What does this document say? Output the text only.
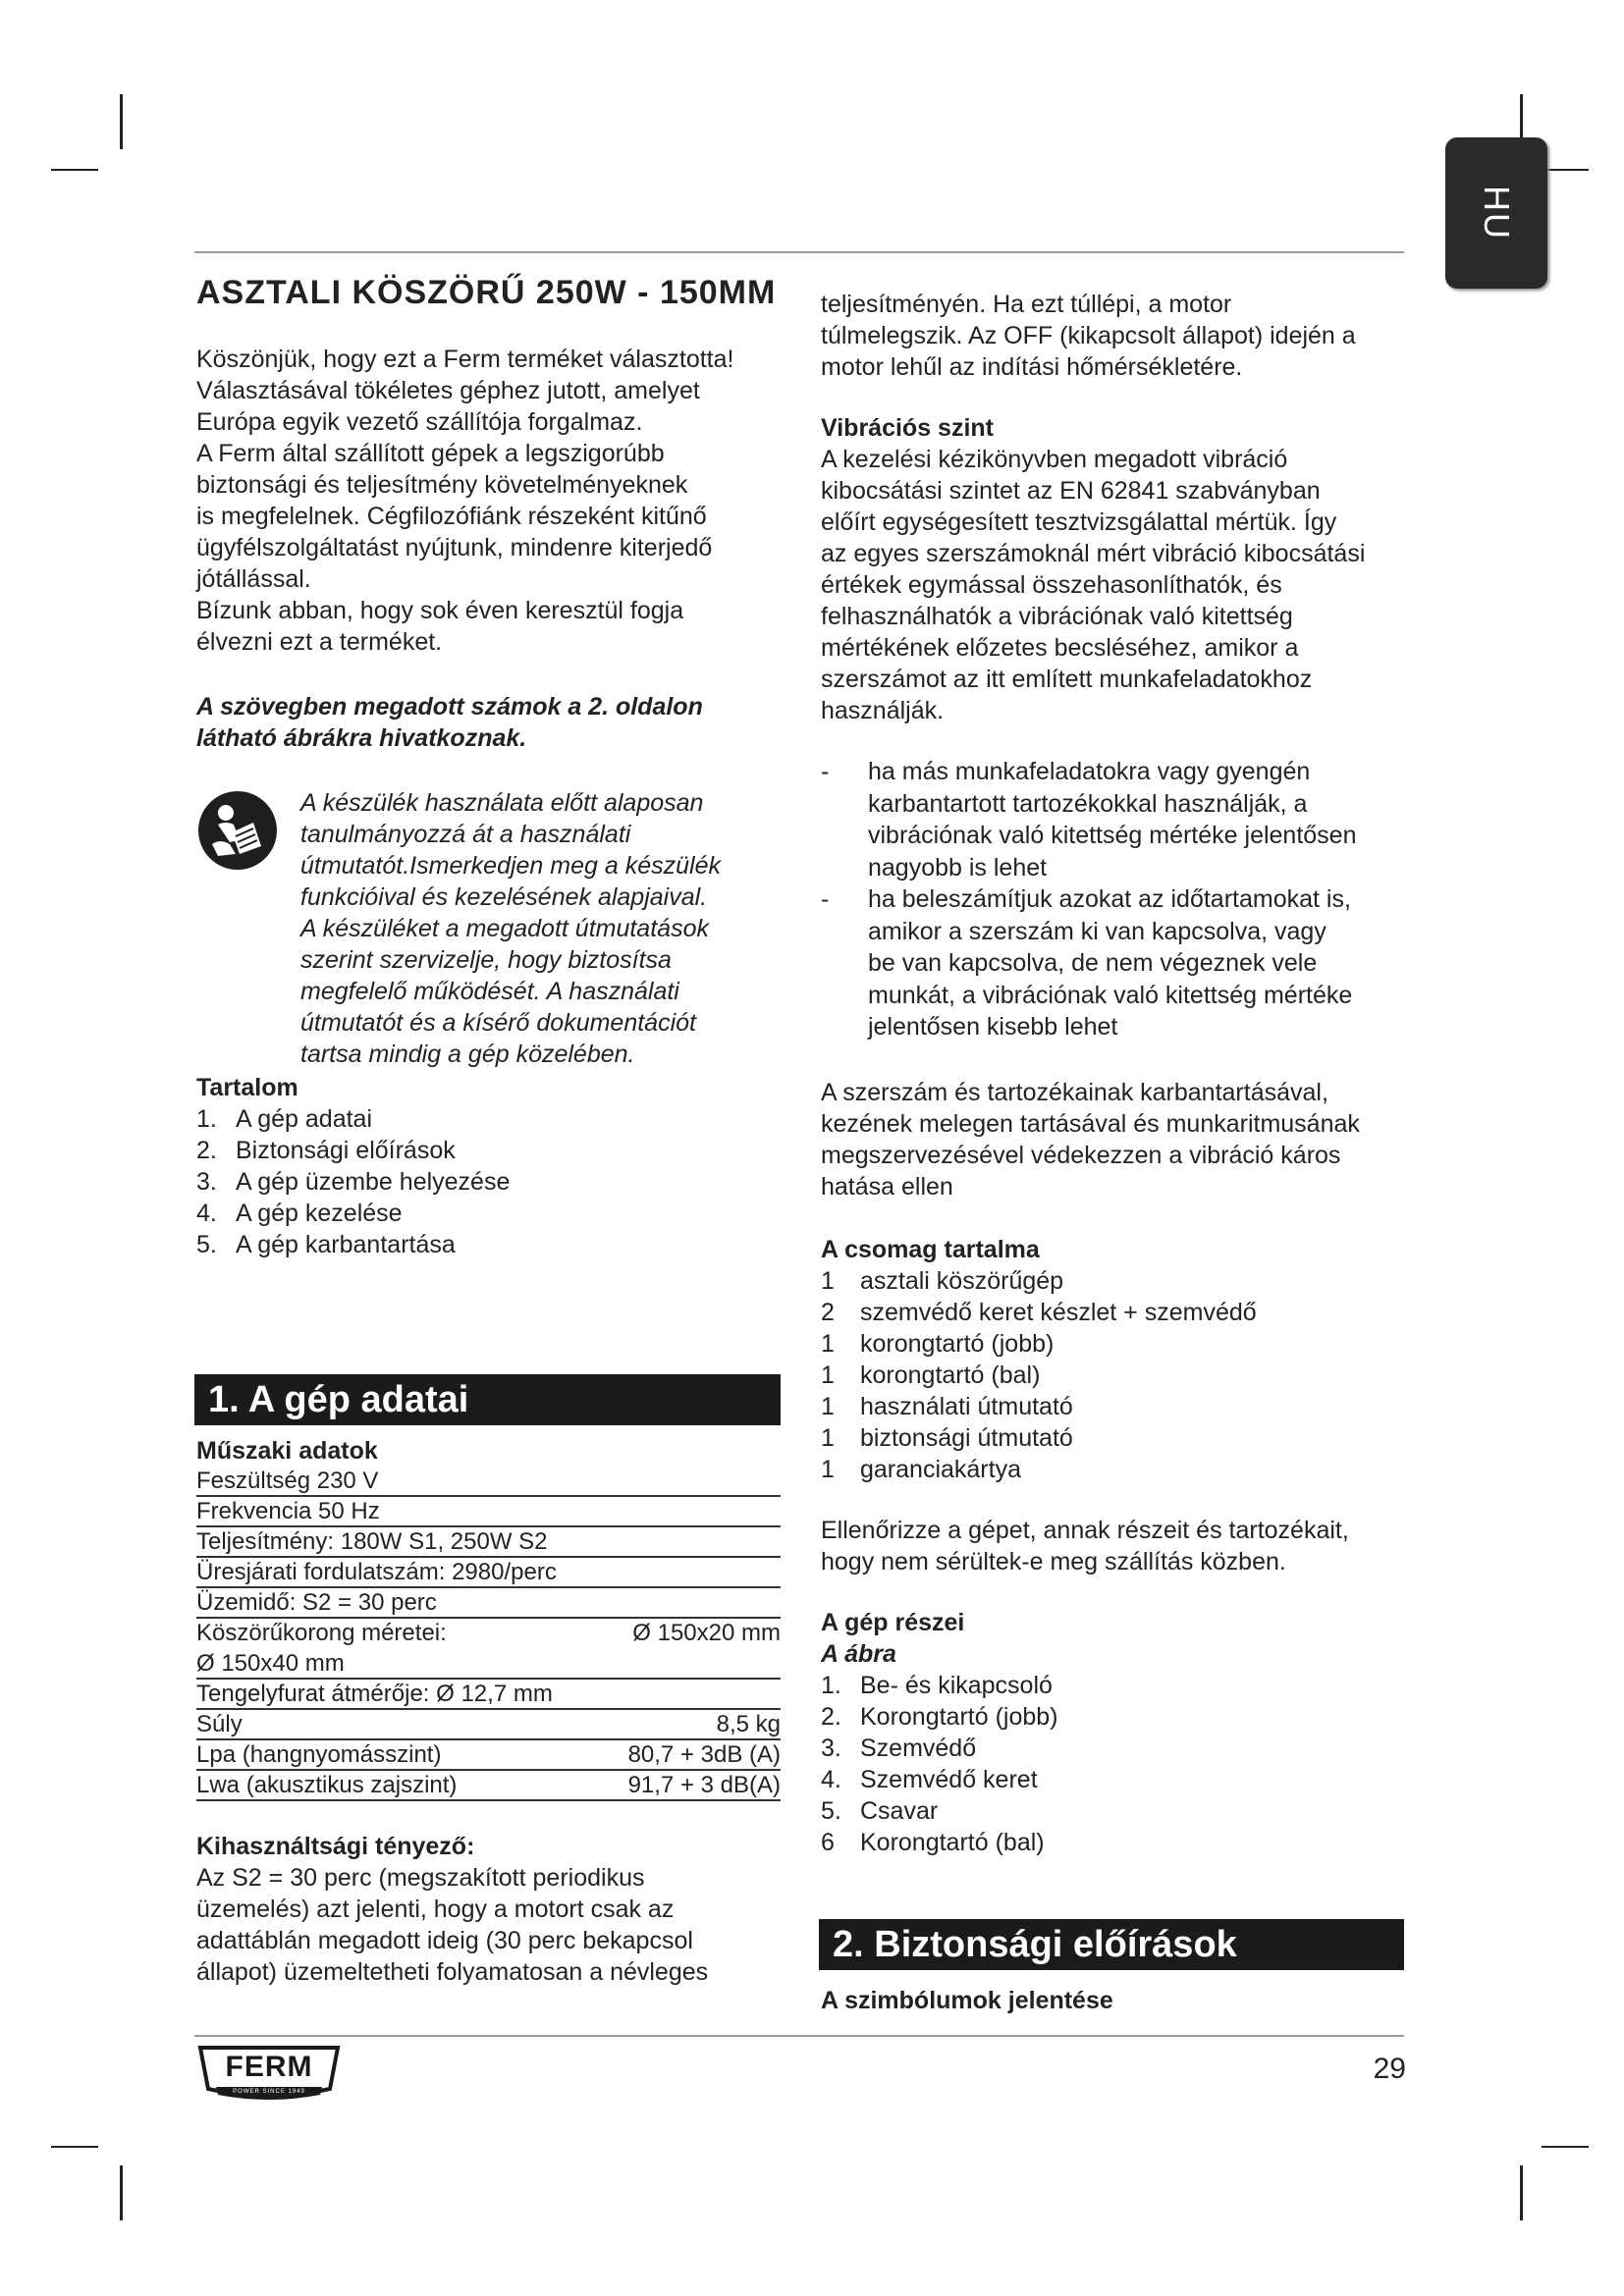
HU
ASZTALI KÖSZÖRŰ 250W - 150MM

Köszönjük, hogy ezt a Ferm terméket választotta!

Választásával tökéletes géphez jutott, amelyet

Európa egyik vezető szállítója forgalmaz.

A Ferm által szállított gépek a legszigorúbb

biztonsági és teljesítmény követelményeknek

is megfelelnek. Cégfilozófiánk részeként kitűnő

ügyfélszolgáltatást nyújtunk, mindenre kiterjedő

jótállással.

Bízunk abban, hogy sok éven keresztül fogja

élvezni ezt a terméket.

A szövegben megadott számok a 2. oldalon

látható ábrákra hivatkoznak.

A készülék használata előtt alaposan

tanulmányozzá át a használati

útmutatót.Ismerkedjen meg a készülék

funkcióival és kezelésének alapjaival.

A készüléket a megadott útmutatások

szerint szervizelje, hogy biztosítsa

megfelelő működését. A használati

útmutatót és a kísérő dokumentációt

tartsa mindig a gép közelében.

Tartalom

1. A gép adatai
2. Biztonsági előírások
3. A gép üzembe helyezése
4. A gép kezelése
5. A gép karbantartása
1. A gép adatai

Műszaki adatok

Feszültség 230 V
Frekvencia 50 Hz
Teljesítmény: 180W S1, 250W S2
Üresjárati fordulatszám: 2980/perc
Üzemidő: S2 = 30 perc
Köszörűkorong méretei:	Ø 150x20 mm
Ø 150x40 mm
Tengelyfurat átmérője: Ø 12,7 mm
Súly	8,5 kg
Lpa (hangnyomásszint)	80,7 + 3dB (A)
Lwa (akusztikus zajszint)	91,7 + 3 dB(A)

Kihasználtsági tényező:

Az S2 = 30 perc (megszakított periodikus

üzemelés) azt jelenti, hogy a motort csak az

adattáblán megadott ideig (30 perc bekapcsol

állapot) üzemeltetheti folyamatosan a névleges

teljesítményén. Ha ezt túllépi, a motor

túlmelegszik. Az OFF (kikapcsolt állapot) idején a

motor lehűl az indítási hőmérsékletére.

Vibrációs szint

A kezelési kézikönyvben megadott vibráció

kibocsátási szintet az EN 62841 szabványban

előírt egységesített tesztvizsgálattal mértük. Így

az egyes szerszámoknál mért vibráció kibocsátási

értékek egymással összehasonlíthatók, és

felhasználhatók a vibrációnak való kitettség

mértékének előzetes becsléséhez, amikor a

szerszámot az itt említett munkafeladatokhoz

használják.

- ha más munkafeladatokra vagy gyengén
karbantartott tartozékokkal használják, a
vibrációnak való kitettség mértéke jelentősen
nagyobb is lehet
- ha beleszámítjuk azokat az időtartamokat is,
amikor a szerszám ki van kapcsolva, vagy
be van kapcsolva, de nem végeznek vele
munkát, a vibrációnak való kitettség mértéke
jelentősen kisebb lehet

A szerszám és tartozékainak karbantartásával,

kezének melegen tartásával és munkaritmusának

megszervezésével védekezzen a vibráció káros

hatása ellen

A csomag tartalma

1 asztali köszörűgép
2 szemvédő keret készlet + szemvédő
1 korongtartó (jobb)
1 korongtartó (bal)
1 használati útmutató
1 biztonsági útmutató
1 garanciakártya

Ellenőrizze a gépet, annak részeit és tartozékait,

hogy nem sérültek-e meg szállítás közben.

A gép részei

A ábra

1. Be- és kikapcsoló
2. Korongtartó (jobb)
3. Szemvédő
4. Szemvédő keret
5. Csavar
6 Korongtartó (bal)
2. Biztonsági előírások

A szimbólumok jelentése

FERM
POWER SINCE 1949
29
